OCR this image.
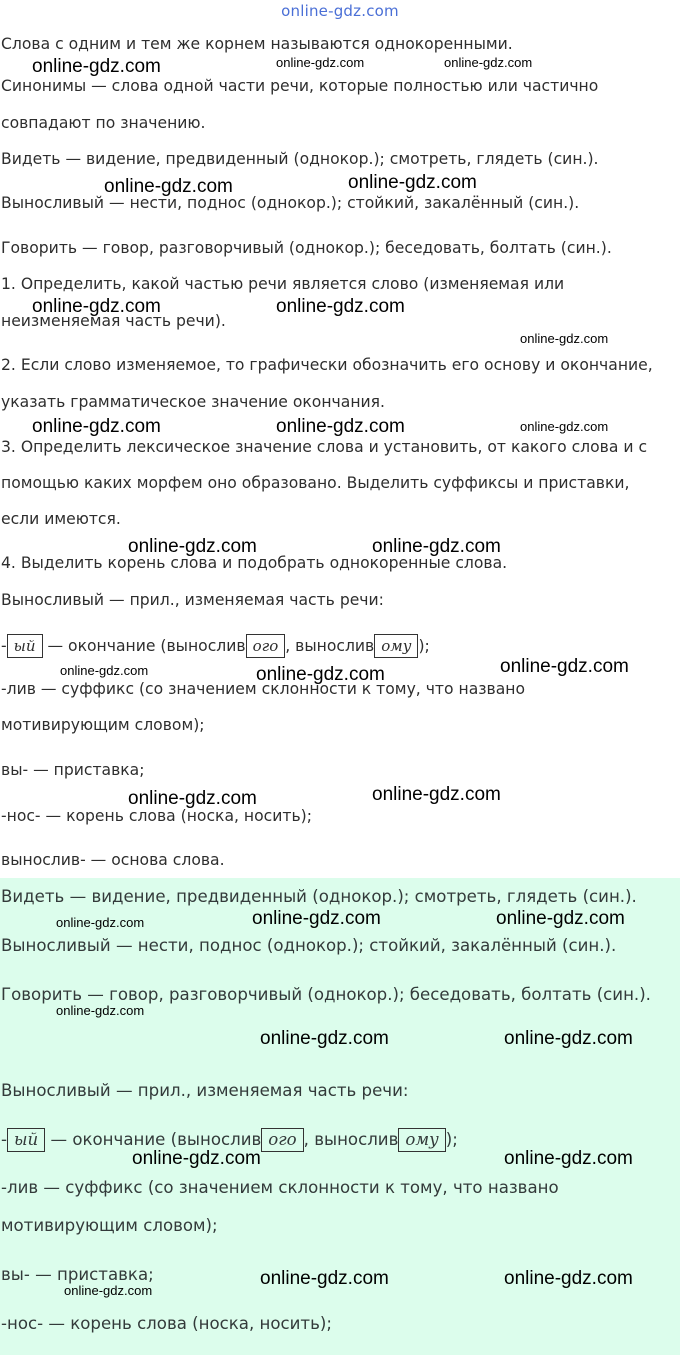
online-gdz.com
Слова с одним и тем же корнем называются однокоренными.
Синонимы — слова одной части речи, которые полностью или частично
совпадают по значению.
Видеть — видение, предвиденный (однокор.); смотреть, глядеть (син.).
Выносливый — нести, поднос (однокор.); стойкий, закалённый (син.).
Говорить — говор, разговорчивый (однокор.); беседовать, болтать (син.).
1. Определить, какой частью речи является слово (изменяемая или
неизменяемая часть речи).
2. Если слово изменяемое, то графически обозначить его основу и окончание,
указать грамматическое значение окончания.
3. Определить лексическое значение слова и установить, от какого слова и с
помощью каких морфем оно образовано. Выделить суффиксы и приставки,
если имеются.
4. Выделить корень слова и подобрать однокоренные слова.
Выносливый — прил., изменяемая часть речи:
- ый — окончание (вынослив ого , вынослив ому );
-лив — суффикс (со значением склонности к тому, что названо
мотивирующим словом);
вы- — приставка;
-нос- — корень слова (носка, носить);
вынослив- — основа слова.
Видеть — видение, предвиденный (однокор.); смотреть, глядеть (син.).
Выносливый — нести, поднос (однокор.); стойкий, закалённый (син.).
Говорить — говор, разговорчивый (однокор.); беседовать, болтать (син.).
Выносливый — прил., изменяемая часть речи:
- ый — окончание (вынослив ого , вынослив ому );
-лив — суффикс (со значением склонности к тому, что названо
мотивирующим словом);
вы- — приставка;
-нос- — корень слова (носка, носить);
online-gdz.com	online-gdz.com	online-gdz.com
online-gdz.com	online-gdz.com
online-gdz.com	online-gdz.com
online-gdz.com
online-gdz.com	online-gdz.com	online-gdz.com
online-gdz.com	online-gdz.com
online-gdz.com	online-gdz.com	online-gdz.com
online-gdz.com	online-gdz.com
online-gdz.com	online-gdz.com	online-gdz.com
online-gdz.com
online-gdz.com	online-gdz.com
online-gdz.com	online-gdz.com
online-gdz.com	online-gdz.com
online-gdz.com
